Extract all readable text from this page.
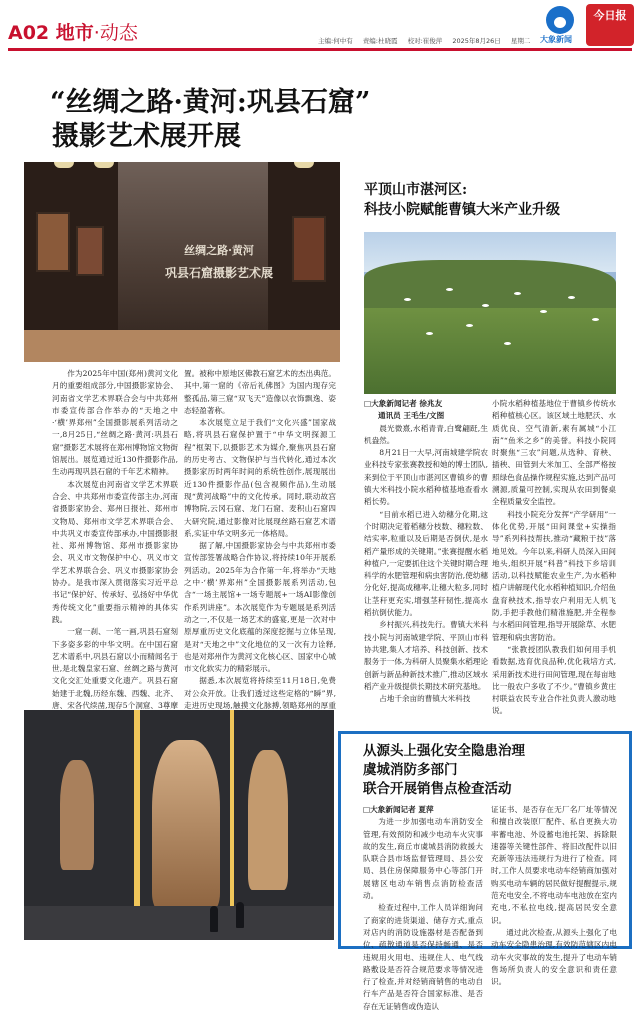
A02 地市·动态	主编:何中有 责编:杜晓霞 校对:崔俊萍 2025年8月26日 星期二	大象新闻
今日报
“丝绸之路·黄河:巩县石窟”
摄影艺术展开展
丝绸之路·黄河
巩县石窟摄影艺术展

作为2025年中国(郑州)黄河文化月的重要组成部分,中国摄影家协会、河南省文学艺术界联合会与中共郑州市委宣传部合作举办的“天地之中·‘横’界郑州”全国摄影展系列活动之一,8月25日,“丝绸之路·黄河:巩县石窟”摄影艺术展将在郑州博物馆文物街馆展出。展览通过近130件摄影作品,生动再现巩县石窟的千年艺术精神。

本次展览由河南省文学艺术界联合会、中共郑州市委宣传部主办,河南省摄影家协会、郑州日报社、郑州市文物局、郑州市文学艺术界联合会、中共巩义市委宣传部承办,中国摄影报社、郑州博物馆、郑州市摄影家协会、巩义市文物保护中心、巩义市文学艺术界联合会、巩义市摄影家协会协办。是我市深入贯彻落实习近平总书记“保护好、传承好、弘扬好中华优秀传统文化”重要指示精神的具体实践。

一窟一刹、一笔一画,巩县石窟刻下多姿多彩的中华文明。在中国石窟艺术谱系中,巩县石窟以小而精闻名于世,是北魏皇家石窟、丝绸之路与黄河文化交汇处重要文化遗产。巩县石窟始建于北魏,历经东魏、西魏、北齐、唐、宋各代续凿,现存5个洞窟、3尊摩

置。被称中原地区佛教石窟艺术的杰出典范。其中,第一窟的《帝后礼佛图》为国内现存完整孤品,第三窟“双飞天”造像以衣饰飘逸、姿态轻盈著称。

本次展览立足于我们“文化兴盛”国家战略,将巩县石窟保护置于“中华文明探源工程”框架下,以摄影艺术为媒介,聚焦巩县石窟的历史考古、文物保护与当代转化,通过本次摄影家历时两年时间的系统性创作,展现展出近130件摄影作品(包含视频作品),生动展现“黄河战略”中的文化传承。同时,联动故宫博物院,云冈石窟、龙门石窟、麦积山石窟四大研究院,通过影像对比展现丝路石窟艺术谱系,实证中华文明多元一体格局。

据了解,中国摄影家协会与中共郑州市委宣传部签署战略合作协议,将持续10年开展系列活动。2025年为合作第一年,将举办“天地之中·‘横’界郑州”全国摄影展系列活动,包含“一场主展馆+一场专题展+一场AI影像创作系列讲座”。本次展览作为专题展是系列活动之一,不仅是一场艺术的盛宴,更是一次对中原厚重历史文化底蕴的深度挖掘与立体呈现,是对“天地之中”文化地位的又一次有力诠释,也是对郑州作为黄河文化核心区、国家中心城市文化软实力的精彩展示。

据悉,本次展览将持续至11月18日,免费对公众开放。让我们透过这些定格的“瞬”界,走进历史现场,触摸文化脉搏,领略郑州的厚重

平顶山市湛河区:
科技小院赋能曹镇大米产业升级
□大象新闻记者 徐兆友
通讯员 王毛生/文图

晨光微熹,水稻青青,白鹭翩跹,生机盎然。

8月21日一大早,河南城建学院农业科技专家张赛教授和她的博士团队,来到位于平顶山市湛河区曹镇乡的曹镇大米科技小院水稻种植基地查看水稻长势。

“目前水稻已进入幼穗分化期,这个时期决定着稻穗分枝数、穗粒数、结实率,粒重以及后期是否倒伏,是水稻产量形成的关键期。”张赛提醒水稻种植户,一定要抓住这个关键时期合理科学的水肥管理和病虫害防治,使幼穗分化好,提高成穗率,让穗大粒多,同时让茎秆更充实,增强茎秆韧性,提高水稻抗倒伏能力。

乡村振兴,科技先行。曹镇大米科技小院与河南城建学院、平顶山市科协共建,集人才培养、科技创新、技术服务于一体,为科研人员聚集水稻理论创新与新品种新技术推广,推动区域水稻产业升级提供长期技术研究基地。

占地千余亩的曹镇大米科技

小院水稻种植基地位于曹镇乡传统水稻种植核心区。该区域土地肥沃、水质优良、空气清新,素有属城“小江南”“鱼米之乡”的美誉。科技小院同时聚焦“三农”问题,从选种、育秧、插秧、田管到大米加工、全部严格按照绿色食品操作规程实施,达到产品可溯源,质量可控制,实现从农田到餐桌全程质量安全监控。

科技小院充分发挥“产学研用”一体化优势,开展“田间课堂+实操指导”系列科技帮扶,推动“藏粮于技”落地见效。今年以来,科研人员深入田间地头,组织开展“科普”科技下乡培训活动,以科技赋能农业生产,为水稻种植户讲解现代化水稻种植知识,介绍鱼盘育秧技术,指导农户利用无人机飞防,手把手教他们精准施肥,并全程参与水稻田间管理,指导开展除草、水肥管理和病虫害防治。

“张教授团队教我们如何用手机看数据,选育优良品种,优化栽培方式,采用新技术进行田间管理,现在每亩地比一般农户多收了不少。”曹镇乡黄庄村联益农民专业合作社负责人激动地说。

从源头上强化安全隐患治理
虞城消防多部门
联合开展销售点检查活动
□大象新闻记者 夏萍

为进一步加强电动车消防安全管理,有效预防和减少电动车火灾事故的发生,商丘市虞城县消防救援大队联合县市场监督管理局、县公安局、县住房保障服务中心等部门开展辖区电动车销售点消防检查活动。

检查过程中,工作人员详细询问了商家的进货渠道、储存方式,重点对店内的消防设施器材是否配备到位、疏散通道是否保持畅通、是否违规用火用电、违规住人、电气线路敷设是否符合规范要求等情况进行了检查,并对经销商销售的电动自行车产品是否符合国家标准、是否存在无证销售或伪造认

证证书、是否存在无厂名厂址等情况和擅自改装原厂配件、私自更换大功率蓄电池、外设蓄电池托架、拆除限速器等关键性部件、将旧改配件以旧充新等违法违规行为进行了检查。同时,工作人员要求电动车经销商加强对购买电动车辆的居民做好提醒提示,规范充电安全,不将电动车电池放在室内充电,不私拉电线,提高居民安全意识。

通过此次检查,从源头上强化了电动车安全隐患治理,有效防范辖区内电动车火灾事故的发生,提升了电动车销售场所负责人的安全意识和责任意识。
